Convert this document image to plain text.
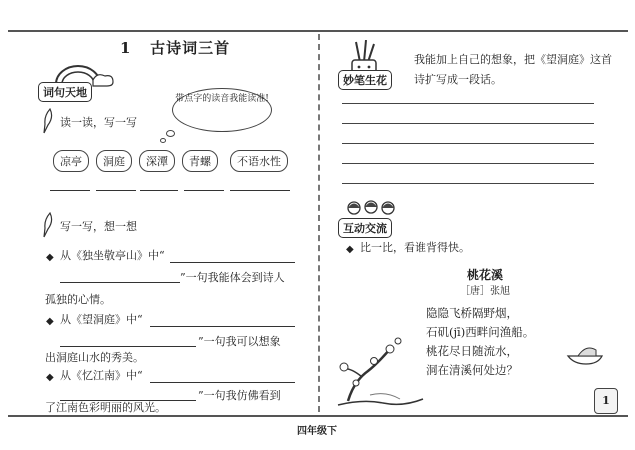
1 古诗词三首
词句天地
读一读，写一写
带点字的读音我能读准!
凉亭	洞庭	深潭	青螺	不语水性
写一写，想一想
◆ 从《独坐敬亭山》中“
”一句我能体会到诗人
孤独的心情。
◆ 从《望洞庭》中“
”一句我可以想象
出洞庭山水的秀美。
◆ 从《忆江南》中“
”一句我仿佛看到
了江南色彩明丽的风光。
妙笔生花
我能加上自己的想象，把《望洞庭》这首
诗扩写成一段话。
互动交流
◆ 比一比，看谁背得快。
桃花溪
［唐］张旭
隐隐飞桥隔野烟，
石矶(jī)西畔问渔船。
桃花尽日随流水，
洞在清溪何处边？
1
四年级下
